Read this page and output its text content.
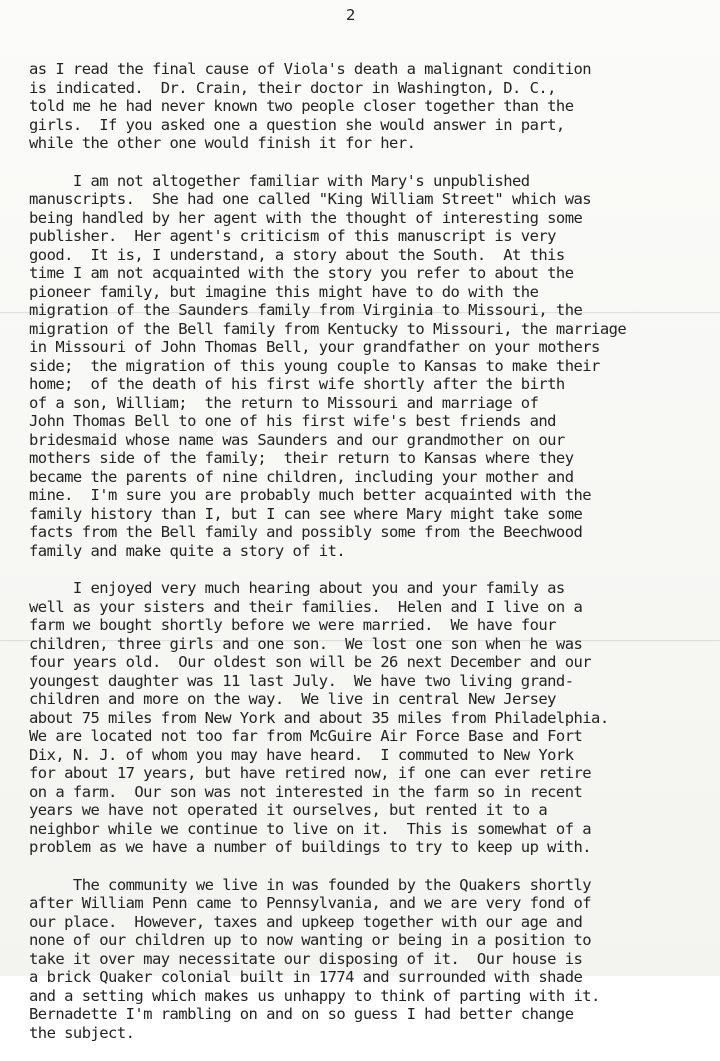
2
as I read the final cause of Viola's death a malignant condition
is indicated.  Dr. Crain, their doctor in Washington, D. C.,
told me he had never known two people closer together than the
girls.  If you asked one a question she would answer in part,
while the other one would finish it for her.
I am not altogether familiar with Mary's unpublished
manuscripts.  She had one called "King William Street" which was
being handled by her agent with the thought of interesting some
publisher.  Her agent's criticism of this manuscript is very
good.  It is, I understand, a story about the South.  At this
time I am not acquainted with the story you refer to about the
pioneer family, but imagine this might have to do with the
migration of the Saunders family from Virginia to Missouri, the
migration of the Bell family from Kentucky to Missouri, the marriage
in Missouri of John Thomas Bell, your grandfather on your mothers
side;  the migration of this young couple to Kansas to make their
home;  of the death of his first wife shortly after the birth
of a son, William;  the return to Missouri and marriage of
John Thomas Bell to one of his first wife's best friends and
bridesmaid whose name was Saunders and our grandmother on our
mothers side of the family;  their return to Kansas where they
became the parents of nine children, including your mother and
mine.  I'm sure you are probably much better acquainted with the
family history than I, but I can see where Mary might take some
facts from the Bell family and possibly some from the Beechwood
family and make quite a story of it.
I enjoyed very much hearing about you and your family as
well as your sisters and their families.  Helen and I live on a
farm we bought shortly before we were married.  We have four
children, three girls and one son.  We lost one son when he was
four years old.  Our oldest son will be 26 next December and our
youngest daughter was 11 last July.  We have two living grand-
children and more on the way.  We live in central New Jersey
about 75 miles from New York and about 35 miles from Philadelphia.
We are located not too far from McGuire Air Force Base and Fort
Dix, N. J. of whom you may have heard.  I commuted to New York
for about 17 years, but have retired now, if one can ever retire
on a farm.  Our son was not interested in the farm so in recent
years we have not operated it ourselves, but rented it to a
neighbor while we continue to live on it.  This is somewhat of a
problem as we have a number of buildings to try to keep up with.
The community we live in was founded by the Quakers shortly
after William Penn came to Pennsylvania, and we are very fond of
our place.  However, taxes and upkeep together with our age and
none of our children up to now wanting or being in a position to
take it over may necessitate our disposing of it.  Our house is
a brick Quaker colonial built in 1774 and surrounded with shade
and a setting which makes us unhappy to think of parting with it.
Bernadette I'm rambling on and on so guess I had better change
the subject.
